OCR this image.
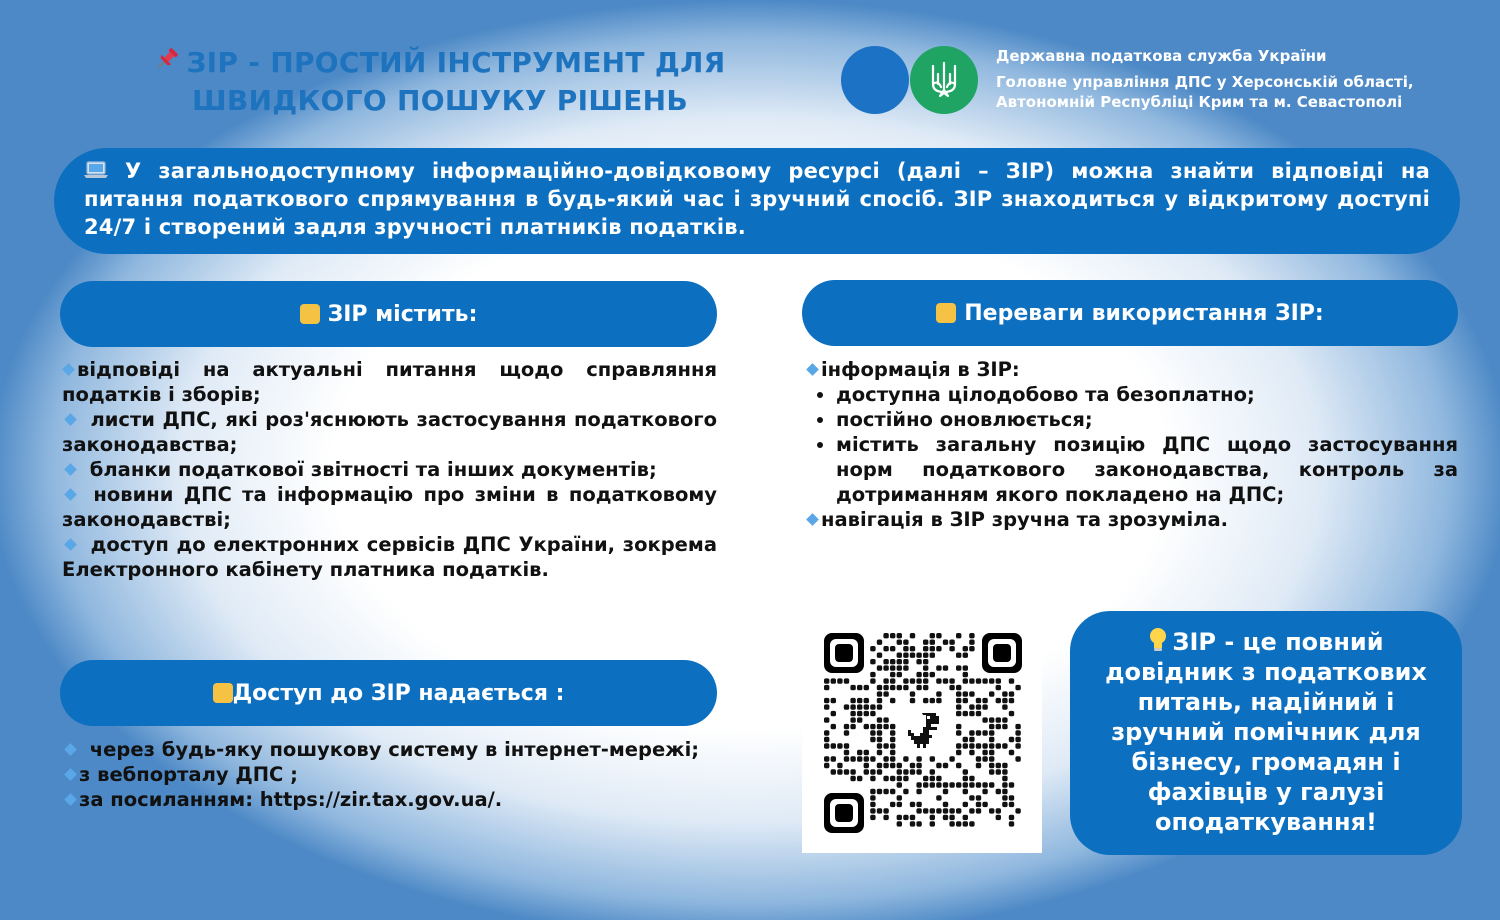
ЗІР - ПРОСТИЙ ІНСТРУМЕНТ ДЛЯ ШВИДКОГО ПОШУКУ РІШЕНЬ
Державна податкова служба України
Головне управління ДПС у Херсонській області, Автономній Республіці Крим та м. Севастополі
У загальнодоступному інформаційно-довідковому ресурсі (далі – ЗІР) можна знайти відповіді на питання податкового спрямування в будь-який час і зручний спосіб. ЗІР знаходиться у відкритому доступі 24/7 і створений задля зручності платників податків.
ЗІР містить:

відповіді на актуальні питання щодо справляння податків і зборів;

листи ДПС, які роз'яснюють застосування податкового законодавства;

бланки податкової звітності та інших документів;

новини ДПС та інформацію про зміни в податковому законодавстві;

доступ до електронних сервісів ДПС України, зокрема Електронного кабінету платника податків.

Доступ до ЗІР надається :

через будь-яку пошукову систему в інтернет-мережі;

з вебпорталу ДПС ;

за посиланням: https://zir.tax.gov.ua/.

Переваги використання ЗІР:

інформація в ЗІР:

• доступна цілодобово та безоплатно;
• постійно оновлюється;
• містить загальну позицію ДПС щодо застосування норм податкового законодавства, контроль за дотриманням якого покладено на ДПС;

навігація в ЗІР зручна та зрозуміла.

ЗІР - це повний довідник з податкових питань, надійний і зручний помічник для бізнесу, громадян і фахівців у галузі оподаткування!
